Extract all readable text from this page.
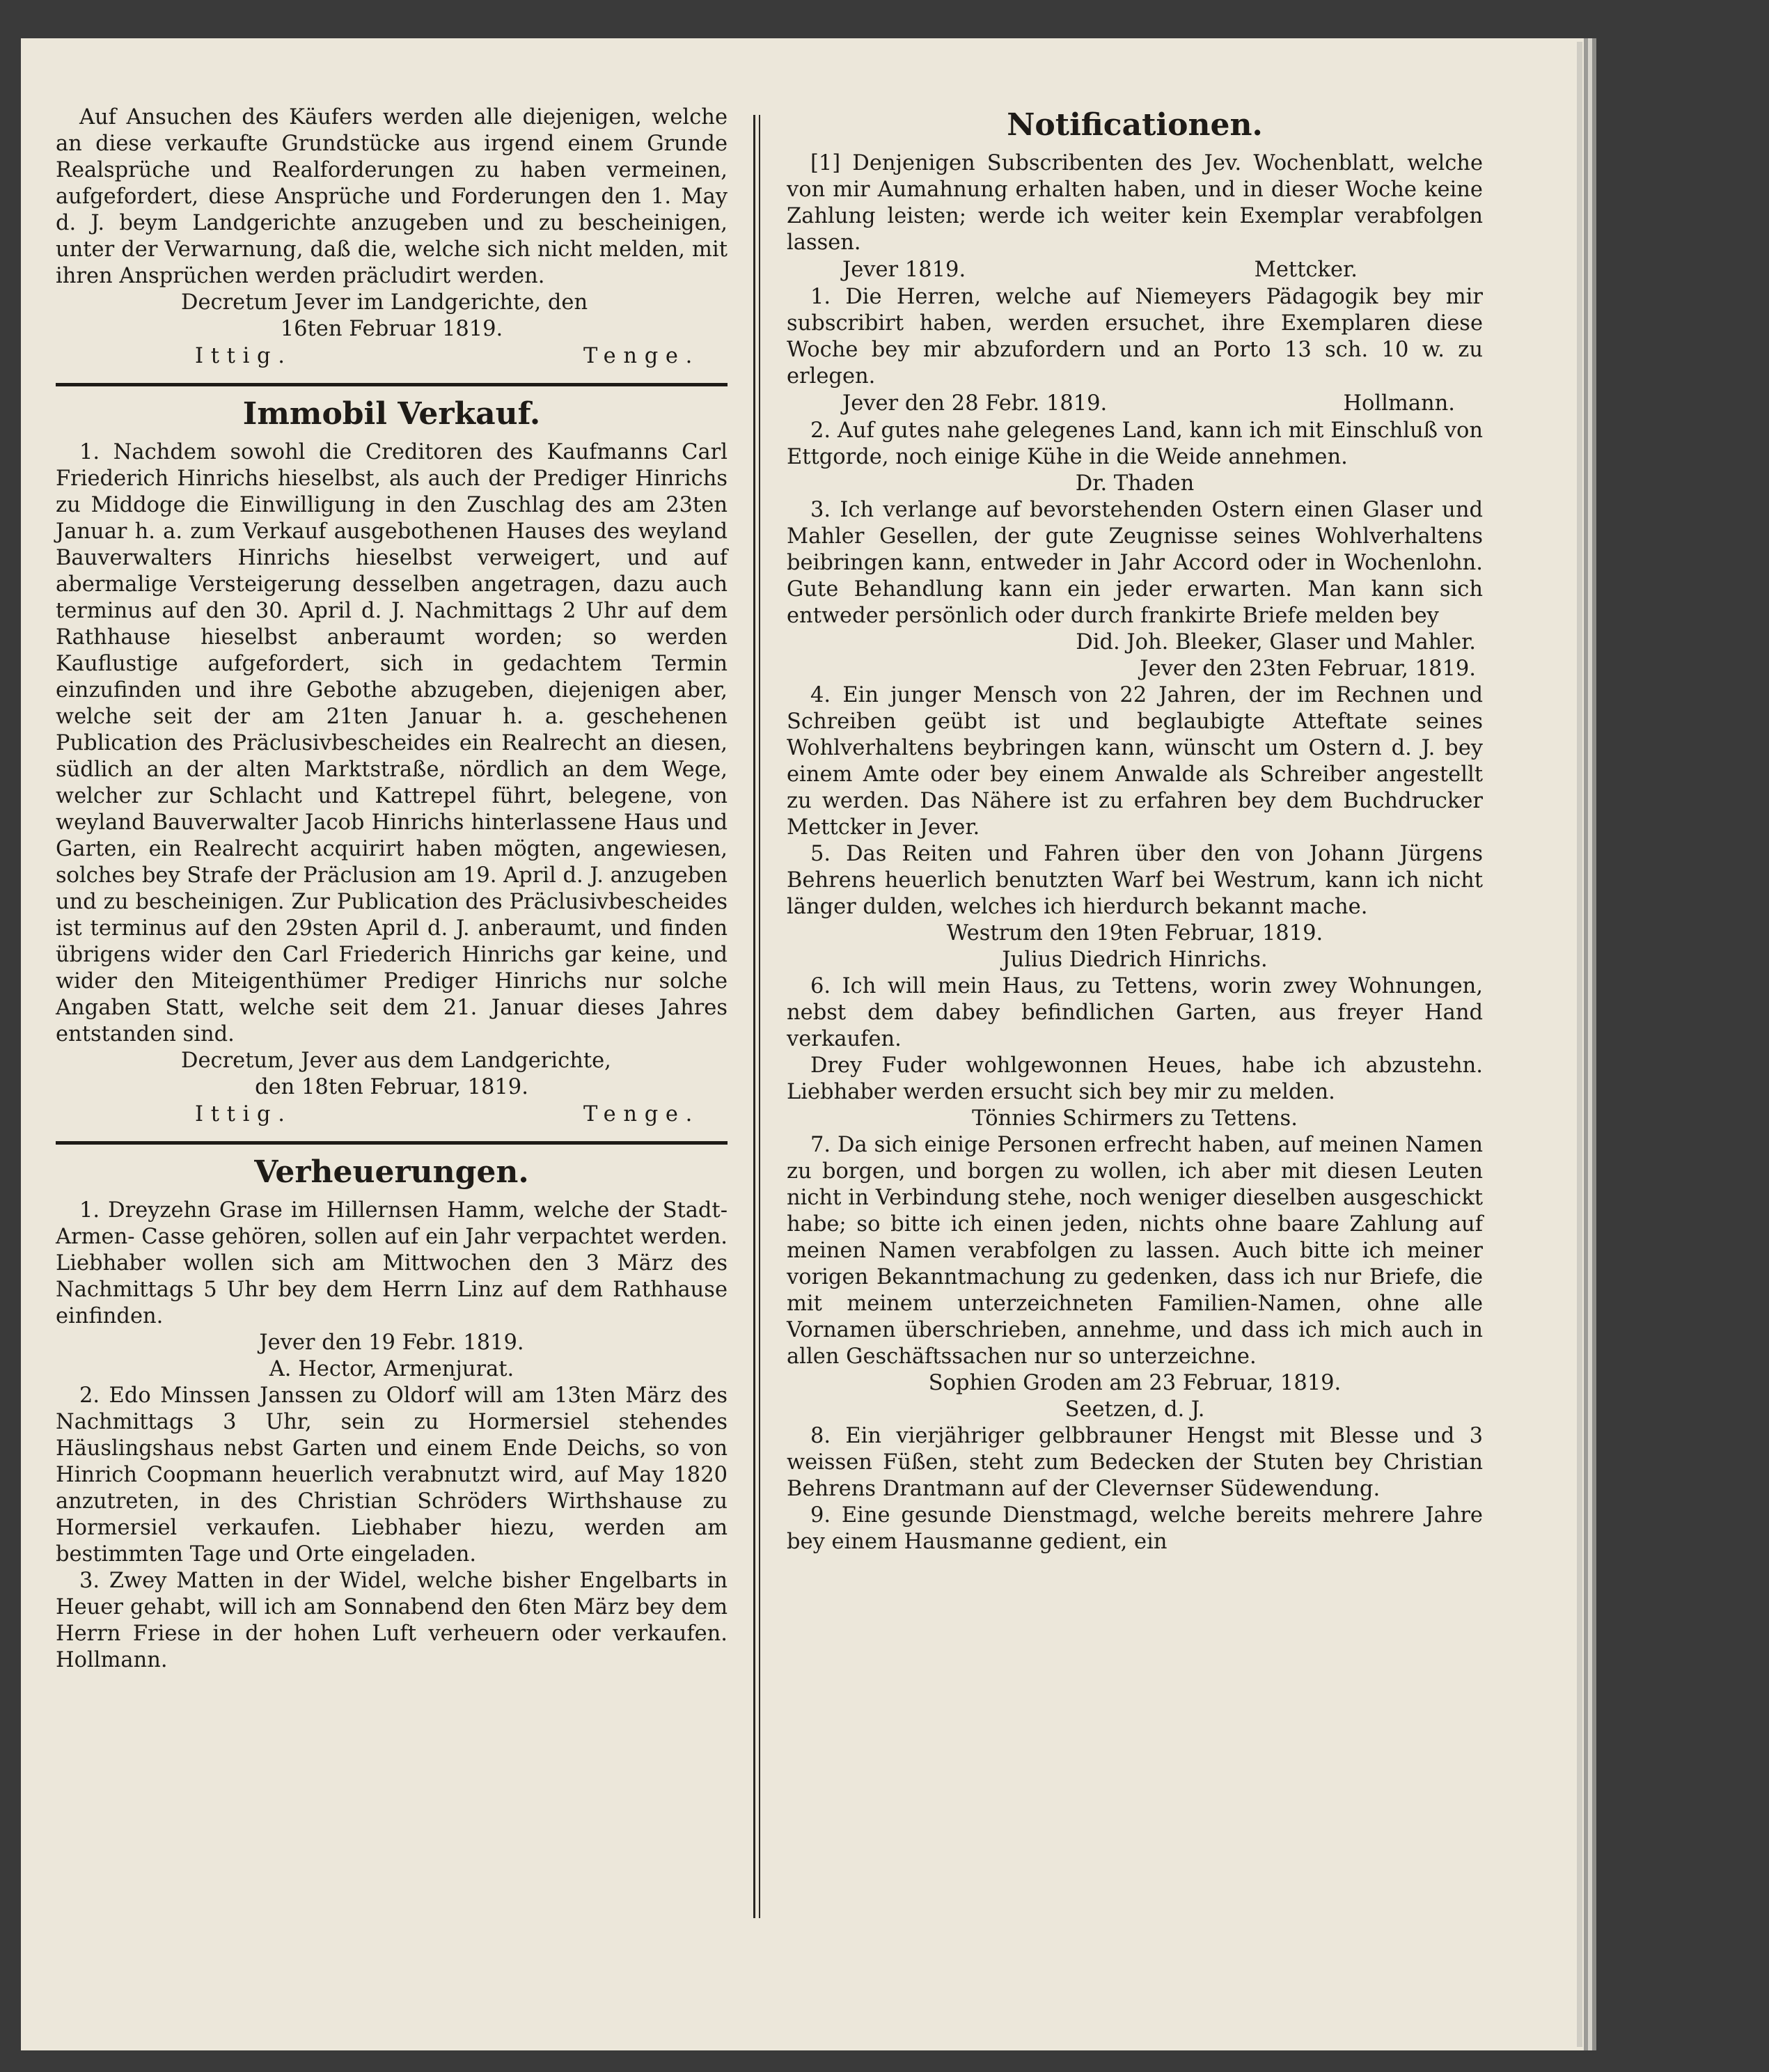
Auf Ansuchen des Käufers werden alle diejenigen, welche an diese verkaufte Grundstücke aus irgend einem Grunde Realsprüche und Realforderungen zu haben vermeinen, aufgefordert, diese Ansprüche und Forderungen den 1. May d. J. beym Landgerichte anzugeben und zu bescheinigen, unter der Verwarnung, daß die, welche sich nicht melden, mit ihren Ansprüchen werden präcludirt werden.

Decretum Jever im Landgerichte, den

16ten Februar 1819.

Ittig.	Tenge.
Immobil Verkauf.

1. Nachdem sowohl die Creditoren des Kaufmanns Carl Friederich Hinrichs hieselbst, als auch der Prediger Hinrichs zu Middoge die Einwilligung in den Zuschlag des am 23ten Januar h. a. zum Verkauf ausgebothenen Hauses des weyland Bauverwalters Hinrichs hieselbst verweigert, und auf abermalige Versteigerung desselben angetragen, dazu auch terminus auf den 30. April d. J. Nachmittags 2 Uhr auf dem Rathhause hieselbst anberaumt worden; so werden Kauflustige aufgefordert, sich in gedachtem Termin einzufinden und ihre Gebothe abzugeben, diejenigen aber, welche seit der am 21ten Januar h. a. geschehenen Publication des Präclusivbescheides ein Realrecht an diesen, südlich an der alten Marktstraße, nördlich an dem Wege, welcher zur Schlacht und Kattrepel führt, belegene, von weyland Bauverwalter Jacob Hinrichs hinterlassene Haus und Garten, ein Realrecht acquirirt haben mögten, angewiesen, solches bey Strafe der Präclusion am 19. April d. J. anzugeben und zu bescheinigen. Zur Publication des Präclusivbescheides ist terminus auf den 29sten April d. J. anberaumt, und finden übrigens wider den Carl Friederich Hinrichs gar keine, und wider den Miteigenthümer Prediger Hinrichs nur solche Angaben Statt, welche seit dem 21. Januar dieses Jahres entstanden sind.

Decretum, Jever aus dem Landgerichte,

den 18ten Februar, 1819.

Ittig.	Tenge.
Verheuerungen.

1. Dreyzehn Grase im Hillernsen Hamm, welche der Stadt- Armen- Casse gehören, sollen auf ein Jahr verpachtet werden. Liebhaber wollen sich am Mittwochen den 3 März des Nachmittags 5 Uhr bey dem Herrn Linz auf dem Rathhause einfinden.

Jever den 19 Febr. 1819.

A. Hector, Armenjurat.

2. Edo Minssen Janssen zu Oldorf will am 13ten März des Nachmittags 3 Uhr, sein zu Hormersiel stehendes Häuslingshaus nebst Garten und einem Ende Deichs, so von Hinrich Coopmann heuerlich verabnutzt wird, auf May 1820 anzutreten, in des Christian Schröders Wirthshause zu Hormersiel verkaufen. Liebhaber hiezu, werden am bestimmten Tage und Orte eingeladen.

3. Zwey Matten in der Widel, welche bisher Engelbarts in Heuer gehabt, will ich am Sonnabend den 6ten März bey dem Herrn Friese in der hohen Luft verheuern oder verkaufen. Hollmann.

Notificationen.

[1] Denjenigen Subscribenten des Jev. Wochenblatt, welche von mir Aumahnung erhalten haben, und in dieser Woche keine Zahlung leisten; werde ich weiter kein Exemplar verabfolgen lassen.

Jever 1819.	Mettcker.

1. Die Herren, welche auf Niemeyers Pädagogik bey mir subscribirt haben, werden ersuchet, ihre Exemplaren diese Woche bey mir abzufordern und an Porto 13 sch. 10 w. zu erlegen.

Jever den 28 Febr. 1819.	Hollmann.

2. Auf gutes nahe gelegenes Land, kann ich mit Einschluß von Ettgorde, noch einige Kühe in die Weide annehmen.

Dr. Thaden

3. Ich verlange auf bevorstehenden Ostern einen Glaser und Mahler Gesellen, der gute Zeugnisse seines Wohlverhaltens beibringen kann, entweder in Jahr Accord oder in Wochenlohn. Gute Behandlung kann ein jeder erwarten. Man kann sich entweder persönlich oder durch frankirte Briefe melden bey

Did. Joh. Bleeker, Glaser und Mahler.

Jever den 23ten Februar, 1819.

4. Ein junger Mensch von 22 Jahren, der im Rechnen und Schreiben geübt ist und beglaubigte Atteftate seines Wohlverhaltens beybringen kann, wünscht um Ostern d. J. bey einem Amte oder bey einem Anwalde als Schreiber angestellt zu werden. Das Nähere ist zu erfahren bey dem Buchdrucker Mettcker in Jever.

5. Das Reiten und Fahren über den von Johann Jürgens Behrens heuerlich benutzten Warf bei Westrum, kann ich nicht länger dulden, welches ich hierdurch bekannt mache.

Westrum den 19ten Februar, 1819.

Julius Diedrich Hinrichs.

6. Ich will mein Haus, zu Tettens, worin zwey Wohnungen, nebst dem dabey befindlichen Garten, aus freyer Hand verkaufen.

Drey Fuder wohlgewonnen Heues, habe ich abzustehn. Liebhaber werden ersucht sich bey mir zu melden.

Tönnies Schirmers zu Tettens.

7. Da sich einige Personen erfrecht haben, auf meinen Namen zu borgen, und borgen zu wollen, ich aber mit diesen Leuten nicht in Verbindung stehe, noch weniger dieselben ausgeschickt habe; so bitte ich einen jeden, nichts ohne baare Zahlung auf meinen Namen verabfolgen zu lassen. Auch bitte ich meiner vorigen Bekanntmachung zu gedenken, dass ich nur Briefe, die mit meinem unterzeichneten Familien-Namen, ohne alle Vornamen überschrieben, annehme, und dass ich mich auch in allen Geschäftssachen nur so unterzeichne.

Sophien Groden am 23 Februar, 1819.

Seetzen, d. J.

8. Ein vierjähriger gelbbrauner Hengst mit Blesse und 3 weissen Füßen, steht zum Bedecken der Stuten bey Christian Behrens Drantmann auf der Clevernser Südewendung.

9. Eine gesunde Dienstmagd, welche bereits mehrere Jahre bey einem Hausmanne gedient, ein
